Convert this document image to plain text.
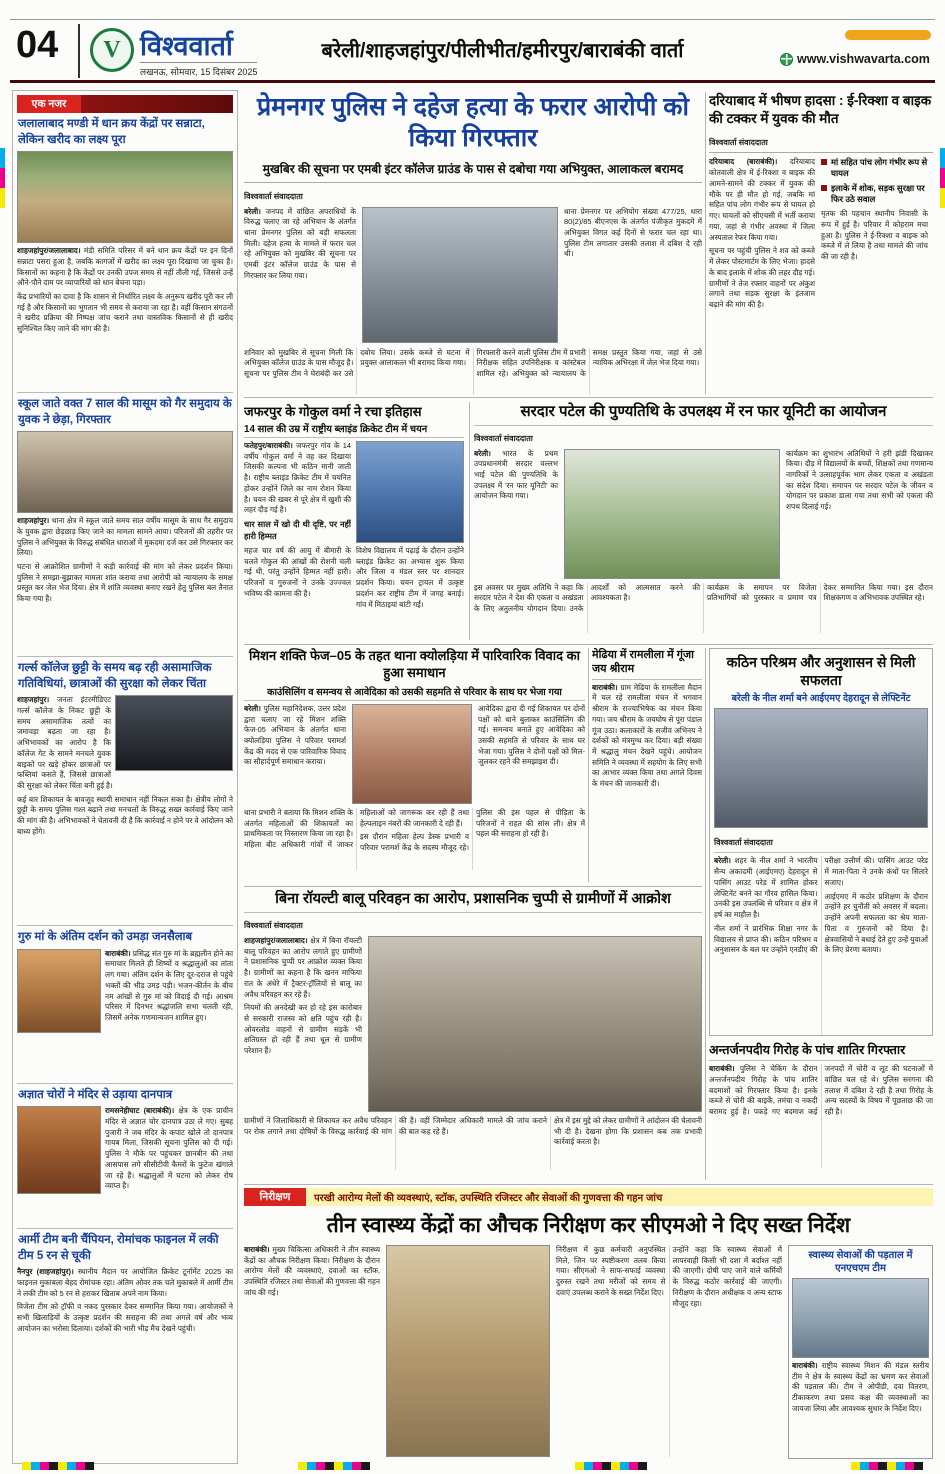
04 V विश्ववार्ता
लखनऊ, सोमवार, 15 दिसंबर 2025
बरेली/शाहजहांपुर/पीलीभीत/हमीरपुर/बाराबंकी वार्ता	www.vishwavarta.com
एक नजर
जलालाबाद मण्डी में धान क्रय केंद्रों पर सन्नाटा, लेकिन खरीद का लक्ष्य पूरा

शाहजहांपुर/जलालाबाद। मंडी समिति परिसर में बने धान क्रय केंद्रों पर इन दिनों सन्नाटा पसरा हुआ है, जबकि कागजों में खरीद का लक्ष्य पूरा दिखाया जा चुका है। किसानों का कहना है कि केंद्रों पर उनकी उपज समय से नहीं तौली गई, जिससे उन्हें औने-पौने दाम पर व्यापारियों को धान बेचना पड़ा।

केंद्र प्रभारियों का दावा है कि शासन से निर्धारित लक्ष्य के अनुरूप खरीद पूरी कर ली गई है और किसानों का भुगतान भी समय से कराया जा रहा है। वहीं किसान संगठनों ने खरीद प्रक्रिया की निष्पक्ष जांच कराने तथा वास्तविक किसानों से ही खरीद सुनिश्चित किए जाने की मांग की है।

स्कूल जाते वक्त 7 साल की मासूम को गैर समुदाय के युवक ने छेड़ा, गिरफ्तार

शाहजहांपुर। थाना क्षेत्र में स्कूल जाते समय सात वर्षीय मासूम के साथ गैर समुदाय के युवक द्वारा छेड़छाड़ किए जाने का मामला सामने आया। परिजनों की तहरीर पर पुलिस ने अभियुक्त के विरुद्ध संबंधित धाराओं में मुकदमा दर्ज कर उसे गिरफ्तार कर लिया।

घटना से आक्रोशित ग्रामीणों ने कड़ी कार्रवाई की मांग को लेकर प्रदर्शन किया। पुलिस ने समझा-बुझाकर मामला शांत कराया तथा आरोपी को न्यायालय के समक्ष प्रस्तुत कर जेल भेज दिया। क्षेत्र में शांति व्यवस्था बनाए रखने हेतु पुलिस बल तैनात किया गया है।

गर्ल्स कॉलेज छुट्टी के समय बढ़ रही असामाजिक गतिविधियां, छात्राओं की सुरक्षा को लेकर चिंता

शाहजहांपुर। जनता इंटरमीडिएट गर्ल्स कॉलेज के निकट छुट्टी के समय असामाजिक तत्वों का जमावड़ा बढ़ता जा रहा है। अभिभावकों का आरोप है कि कॉलेज गेट के सामने मनचले युवक बाइकों पर खड़े होकर छात्राओं पर फब्तियां कसते हैं, जिससे छात्राओं की सुरक्षा को लेकर चिंता बनी हुई है।

कई बार शिकायत के बावजूद स्थायी समाधान नहीं निकल सका है। क्षेत्रीय लोगों ने छुट्टी के समय पुलिस गश्त बढ़ाने तथा मनचलों के विरुद्ध सख्त कार्रवाई किए जाने की मांग की है। अभिभावकों ने चेतावनी दी है कि कार्रवाई न होने पर वे आंदोलन को बाध्य होंगे।

गुरु मां के अंतिम दर्शन को उमड़ा जनसैलाब

बाराबंकी। प्रसिद्ध संत गुरु मां के ब्रह्मलीन होने का समाचार मिलते ही शिष्यों व श्रद्धालुओं का तांता लग गया। अंतिम दर्शन के लिए दूर-दराज से पहुंचे भक्तों की भीड़ उमड़ पड़ी। भजन-कीर्तन के बीच नम आंखों से गुरु मां को विदाई दी गई। आश्रम परिसर में दिनभर श्रद्धांजलि सभा चलती रही, जिसमें अनेक गणमान्यजन शामिल हुए।

अज्ञात चोरों ने मंदिर से उड़ाया दानपात्र

रामसनेहीघाट (बाराबंकी)। क्षेत्र के एक प्राचीन मंदिर से अज्ञात चोर दानपात्र उठा ले गए। सुबह पुजारी ने जब मंदिर के कपाट खोले तो दानपात्र गायब मिला, जिसकी सूचना पुलिस को दी गई। पुलिस ने मौके पर पहुंचकर छानबीन की तथा आसपास लगे सीसीटीवी कैमरों के फुटेज खंगाले जा रहे हैं। श्रद्धालुओं में घटना को लेकर रोष व्याप्त है।

आर्मी टीम बनी चैंपियन, रोमांचक फाइनल में लकी टीम 5 रन से चूकी

नैनपुर (शाहजहांपुर)। स्थानीय मैदान पर आयोजित क्रिकेट टूर्नामेंट 2025 का फाइनल मुकाबला बेहद रोमांचक रहा। अंतिम ओवर तक चले मुकाबले में आर्मी टीम ने लकी टीम को 5 रन से हराकर खिताब अपने नाम किया।

विजेता टीम को ट्रॉफी व नकद पुरस्कार देकर सम्मानित किया गया। आयोजकों ने सभी खिलाड़ियों के उत्कृष्ट प्रदर्शन की सराहना की तथा अगले वर्ष और भव्य आयोजन का भरोसा दिलाया। दर्शकों की भारी भीड़ मैच देखने पहुंची।

प्रेमनगर पुलिस ने दहेज हत्या के फरार आरोपी को किया गिरफ्तार
मुखबिर की सूचना पर एमबी इंटर कॉलेज ग्राउंड के पास से दबोचा गया अभियुक्त, आलाकत्ल बरामद
विश्ववार्ता संवाददाता

बरेली। जनपद में वांछित अपराधियों के विरुद्ध चलाए जा रहे अभियान के अंतर्गत थाना प्रेमनगर पुलिस को बड़ी सफलता मिली। दहेज हत्या के मामले में फरार चल रहे अभियुक्त को मुखबिर की सूचना पर एमबी इंटर कॉलेज ग्राउंड के पास से गिरफ्तार कर लिया गया।

थाना प्रेमनगर पर अभियोग संख्या 477/25, धारा 80(2)/85 बीएनएस के अंतर्गत पंजीकृत मुकदमे में अभियुक्त विगत कई दिनों से फरार चल रहा था। पुलिस टीम लगातार उसकी तलाश में दबिश दे रही थी।

शनिवार को मुखबिर से सूचना मिली कि अभियुक्त कॉलेज ग्राउंड के पास मौजूद है। सूचना पर पुलिस टीम ने घेराबंदी कर उसे दबोच लिया। उसके कब्जे से घटना में प्रयुक्त आलाकत्ल भी बरामद किया गया।

गिरफ्तारी करने वाली पुलिस टीम में प्रभारी निरीक्षक सहित उपनिरीक्षक व कांस्टेबल शामिल रहे। अभियुक्त को न्यायालय के समक्ष प्रस्तुत किया गया, जहां से उसे न्यायिक अभिरक्षा में जेल भेज दिया गया।

दरियाबाद में भीषण हादसा : ई-रिक्शा व बाइक की टक्कर में युवक की मौत
विश्ववार्ता संवाददाता

दरियाबाद (बाराबंकी)। दरियाबाद कोतवाली क्षेत्र में ई-रिक्शा व बाइक की आमने-सामने की टक्कर में युवक की मौके पर ही मौत हो गई, जबकि मां सहित पांच लोग गंभीर रूप से घायल हो गए। घायलों को सीएचसी में भर्ती कराया गया, जहां से गंभीर अवस्था में जिला अस्पताल रेफर किया गया।

सूचना पर पहुंची पुलिस ने शव को कब्जे में लेकर पोस्टमार्टम के लिए भेजा। हादसे के बाद इलाके में शोक की लहर दौड़ गई। ग्रामीणों ने तेज रफ्तार वाहनों पर अंकुश लगाने तथा सड़क सुरक्षा के इंतजाम बढ़ाने की मांग की है।

मां सहित पांच लोग गंभीर रूप से घायल
इलाके में शोक, सड़क सुरक्षा पर फिर उठे सवाल

मृतक की पहचान स्थानीय निवासी के रूप में हुई है। परिवार में कोहराम मचा हुआ है। पुलिस ने ई-रिक्शा व बाइक को कब्जे में ले लिया है तथा मामले की जांच की जा रही है।

जफरपुर के गोकुल वर्मा ने रचा इतिहास
14 साल की उम्र में राष्ट्रीय ब्लाइंड क्रिकेट टीम में चयन

फतेहपुर/बाराबंकी। जफरपुर गांव के 14 वर्षीय गोकुल वर्मा ने वह कर दिखाया जिसकी कल्पना भी कठिन मानी जाती है। राष्ट्रीय ब्लाइंड क्रिकेट टीम में चयनित होकर उन्होंने जिले का नाम रोशन किया है। चयन की खबर से पूरे क्षेत्र में खुशी की लहर दौड़ गई है।

चार साल में खो दी थी दृष्टि, पर नहीं हारी हिम्मत

महज चार वर्ष की आयु में बीमारी के चलते गोकुल की आंखों की रोशनी चली गई थी, परंतु उन्होंने हिम्मत नहीं हारी। परिजनों व गुरुजनों ने उनके उज्ज्वल भविष्य की कामना की है।

विशेष विद्यालय में पढ़ाई के दौरान उन्होंने ब्लाइंड क्रिकेट का अभ्यास शुरू किया और जिला व मंडल स्तर पर शानदार प्रदर्शन किया। चयन ट्रायल में उत्कृष्ट प्रदर्शन कर राष्ट्रीय टीम में जगह बनाई। गांव में मिठाइयां बांटी गईं।

सरदार पटेल की पुण्यतिथि के उपलक्ष्य में रन फार यूनिटी का आयोजन
विश्ववार्ता संवाददाता

बरेली। भारत के प्रथम उपप्रधानमंत्री सरदार वल्लभ भाई पटेल की पुण्यतिथि के उपलक्ष्य में 'रन फार यूनिटी' का आयोजन किया गया।

कार्यक्रम का शुभारंभ अतिथियों ने हरी झंडी दिखाकर किया। दौड़ में विद्यालयों के बच्चों, शिक्षकों तथा गणमान्य नागरिकों ने उत्साहपूर्वक भाग लेकर एकता व अखंडता का संदेश दिया। समापन पर सरदार पटेल के जीवन व योगदान पर प्रकाश डाला गया तथा सभी को एकता की शपथ दिलाई गई।

इस अवसर पर मुख्य अतिथि ने कहा कि सरदार पटेल ने देश की एकता व अखंडता के लिए अतुलनीय योगदान दिया। उनके आदर्शों को आत्मसात करने की आवश्यकता है।

कार्यक्रम के समापन पर विजेता प्रतिभागियों को पुरस्कार व प्रमाण पत्र देकर सम्मानित किया गया। इस दौरान शिक्षकगण व अभिभावक उपस्थित रहे।

मिशन शक्ति फेज–05 के तहत थाना क्योलड़िया में पारिवारिक विवाद का हुआ समाधान
काउंसिलिंग व समन्वय से आवेदिका को उसकी सहमति से परिवार के साथ घर भेजा गया

बरेली। पुलिस महानिदेशक, उत्तर प्रदेश द्वारा चलाए जा रहे मिशन शक्ति फेज-05 अभियान के अंतर्गत थाना क्योलड़िया पुलिस ने परिवार परामर्श केंद्र की मदद से एक पारिवारिक विवाद का सौहार्दपूर्ण समाधान कराया।

आवेदिका द्वारा दी गई शिकायत पर दोनों पक्षों को थाने बुलाकर काउंसिलिंग की गई। समन्वय बनाते हुए आवेदिका को उसकी सहमति से परिवार के साथ घर भेजा गया। पुलिस ने दोनों पक्षों को मिल-जुलकर रहने की समझाइश दी।

थाना प्रभारी ने बताया कि मिशन शक्ति के अंतर्गत महिलाओं की शिकायतों का प्राथमिकता पर निस्तारण किया जा रहा है। महिला बीट अधिकारी गांवों में जाकर महिलाओं को जागरूक कर रही हैं तथा हेल्पलाइन नंबरों की जानकारी दे रही हैं।

इस दौरान महिला हेल्प डेस्क प्रभारी व परिवार परामर्श केंद्र के सदस्य मौजूद रहे। पुलिस की इस पहल से पीड़िता के परिजनों ने राहत की सांस ली। क्षेत्र में पहल की सराहना हो रही है।

मेढिया में रामलीला में गूंजा जय श्रीराम

बाराबंकी। ग्राम मेढिया के रामलीला मैदान में चल रहे रामलीला मंचन में भगवान श्रीराम के राज्याभिषेक का मंचन किया गया। जय श्रीराम के जयघोष से पूरा पंडाल गूंज उठा। कलाकारों के सजीव अभिनय ने दर्शकों को मंत्रमुग्ध कर दिया। बड़ी संख्या में श्रद्धालु मंचन देखने पहुंचे। आयोजन समिति ने व्यवस्था में सहयोग के लिए सभी का आभार व्यक्त किया तथा अगले दिवस के मंचन की जानकारी दी।

कठिन परिश्रम और अनुशासन से मिली सफलता
बरेली के नील शर्मा बने आईएमए देहरादून से लेफ्टिनेंट
विश्ववार्ता संवाददाता

बरेली। शहर के नील शर्मा ने भारतीय सैन्य अकादमी (आईएमए) देहरादून से पासिंग आउट परेड में शामिल होकर लेफ्टिनेंट बनने का गौरव हासिल किया। उनकी इस उपलब्धि से परिवार व क्षेत्र में हर्ष का माहौल है।

नील शर्मा ने प्रारंभिक शिक्षा नगर के विद्यालय से प्राप्त की। कठिन परिश्रम व अनुशासन के बल पर उन्होंने एनडीए की परीक्षा उत्तीर्ण की। पासिंग आउट परेड में माता-पिता ने उनके कंधों पर सितारे सजाए।

आईएमए में कठोर प्रशिक्षण के दौरान उन्होंने हर चुनौती को अवसर में बदला। उन्होंने अपनी सफलता का श्रेय माता-पिता व गुरुजनों को दिया है। क्षेत्रवासियों ने बधाई देते हुए उन्हें युवाओं के लिए प्रेरणा बताया।

बिना रॉयल्टी बालू परिवहन का आरोप, प्रशासनिक चुप्पी से ग्रामीणों में आक्रोश
विश्ववार्ता संवाददाता

शाहजहांपुर/जलालाबाद। क्षेत्र में बिना रॉयल्टी बालू परिवहन का आरोप लगाते हुए ग्रामीणों ने प्रशासनिक चुप्पी पर आक्रोश व्यक्त किया है। ग्रामीणों का कहना है कि खनन माफिया रात के अंधेरे में ट्रैक्टर-ट्रॉलियों से बालू का अवैध परिवहन कर रहे हैं।

नियमों की अनदेखी कर हो रहे इस कारोबार से सरकारी राजस्व को क्षति पहुंच रही है। ओवरलोड वाहनों से ग्रामीण सड़कें भी क्षतिग्रस्त हो रही हैं तथा धूल से ग्रामीण परेशान हैं।

ग्रामीणों ने जिलाधिकारी से शिकायत कर अवैध परिवहन पर रोक लगाने तथा दोषियों के विरुद्ध कार्रवाई की मांग की है। वहीं जिम्मेदार अधिकारी मामले की जांच कराने की बात कह रहे हैं।

क्षेत्र में इस मुद्दे को लेकर ग्रामीणों ने आंदोलन की चेतावनी भी दी है। देखना होगा कि प्रशासन कब तक प्रभावी कार्रवाई करता है।

अन्तर्जनपदीय गिरोह के पांच शातिर गिरफ्तार

बाराबंकी। पुलिस ने चेकिंग के दौरान अन्तर्जनपदीय गिरोह के पांच शातिर बदमाशों को गिरफ्तार किया है। इनके कब्जे से चोरी की बाइकें, तमंचा व नकदी बरामद हुई है। पकड़े गए बदमाश कई जनपदों में चोरी व लूट की घटनाओं में वांछित चल रहे थे। पुलिस सरगना की तलाश में दबिश दे रही है तथा गिरोह के अन्य सदस्यों के विषय में पूछताछ की जा रही है।

निरीक्षण	परखी आरोग्य मेलों की व्यवस्थाएं, स्टॉक, उपस्थिति रजिस्टर और सेवाओं की गुणवत्ता की गहन जांच
तीन स्वास्थ्य केंद्रों का औचक निरीक्षण कर सीएमओ ने दिए सख्त निर्देश

बाराबंकी। मुख्य चिकित्सा अधिकारी ने तीन स्वास्थ्य केंद्रों का औचक निरीक्षण किया। निरीक्षण के दौरान आरोग्य मेलों की व्यवस्थाएं, दवाओं का स्टॉक, उपस्थिति रजिस्टर तथा सेवाओं की गुणवत्ता की गहन जांच की गई।

निरीक्षण में कुछ कर्मचारी अनुपस्थित मिले, जिन पर स्पष्टीकरण तलब किया गया। सीएमओ ने साफ-सफाई व्यवस्था दुरुस्त रखने तथा मरीजों को समय से दवाएं उपलब्ध कराने के सख्त निर्देश दिए।

उन्होंने कहा कि स्वास्थ्य सेवाओं में लापरवाही किसी भी दशा में बर्दाश्त नहीं की जाएगी। दोषी पाए जाने वाले कर्मियों के विरुद्ध कठोर कार्रवाई की जाएगी। निरीक्षण के दौरान अधीक्षक व अन्य स्टाफ मौजूद रहा।

स्वास्थ्य सेवाओं की पड़ताल में एनएचएम टीम

बाराबंकी। राष्ट्रीय स्वास्थ्य मिशन की मंडल स्तरीय टीम ने क्षेत्र के स्वास्थ्य केंद्रों का भ्रमण कर सेवाओं की पड़ताल की। टीम ने ओपीडी, दवा वितरण, टीकाकरण तथा प्रसव कक्ष की व्यवस्थाओं का जायजा लिया और आवश्यक सुधार के निर्देश दिए।
